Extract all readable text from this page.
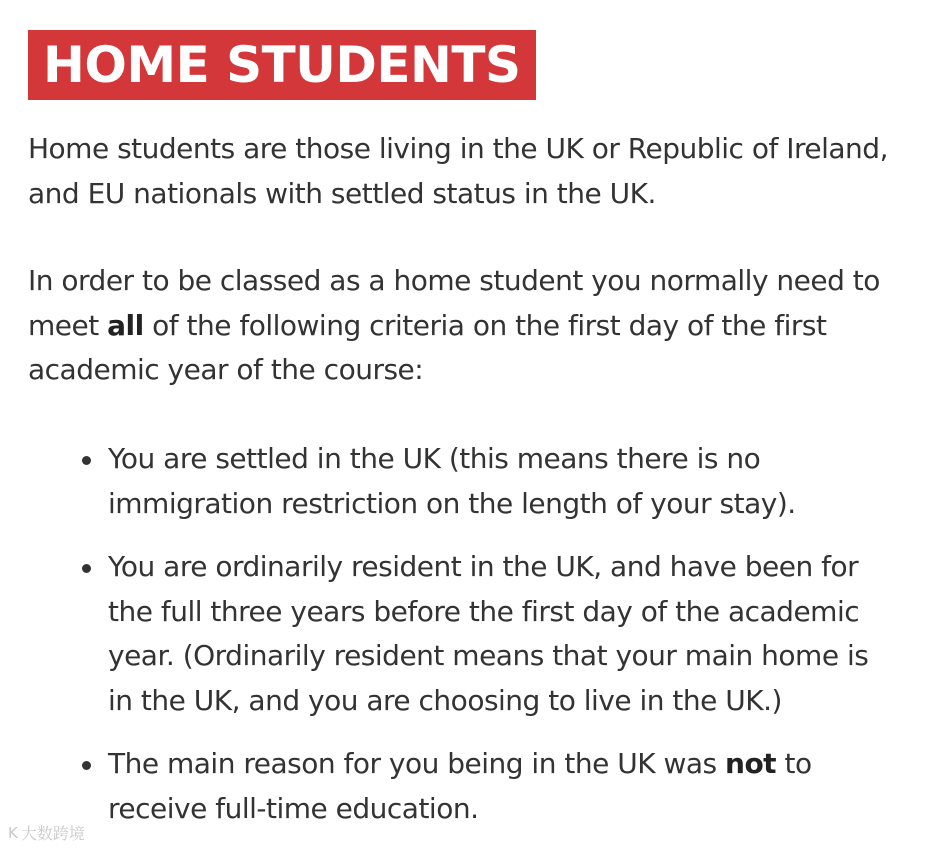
HOME STUDENTS

Home students are those living in the UK or Republic of Ireland, and EU nationals with settled status in the UK.

In order to be classed as a home student you normally need to meet all of the following criteria on the first day of the first academic year of the course:

You are settled in the UK (this means there is no immigration restriction on the length of your stay).
You are ordinarily resident in the UK, and have been for the full three years before the first day of the academic year. (Ordinarily resident means that your main home is in the UK, and you are choosing to live in the UK.)
The main reason for you being in the UK was not to receive full-time education.
K 大数跨境
